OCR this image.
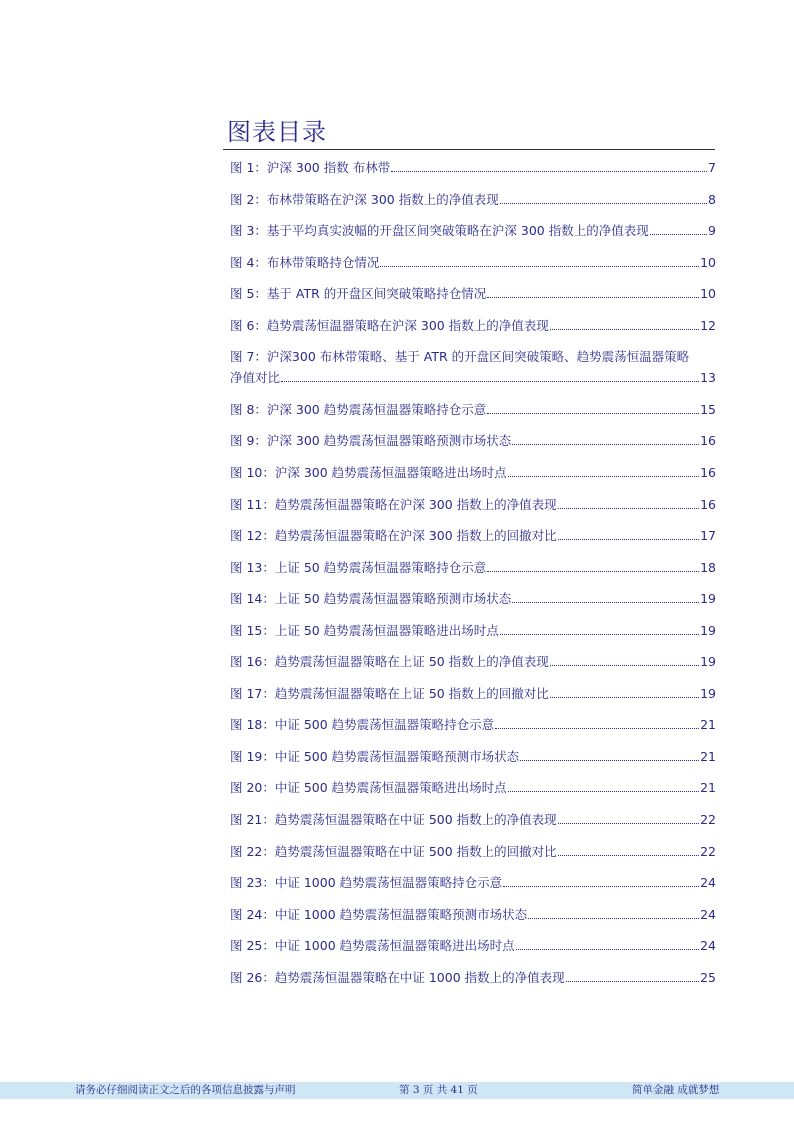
图表目录
图 1：沪深 300 指数 布林带	7
图 2：布林带策略在沪深 300 指数上的净值表现	8
图 3：基于平均真实波幅的开盘区间突破策略在沪深 300 指数上的净值表现	9
图 4：布林带策略持仓情况	10
图 5：基于 ATR 的开盘区间突破策略持仓情况	10
图 6：趋势震荡恒温器策略在沪深 300 指数上的净值表现	12
图 7：沪深300 布林带策略、基于 ATR 的开盘区间突破策略、趋势震荡恒温器策略
净值对比	13
图 8：沪深 300 趋势震荡恒温器策略持仓示意	15
图 9：沪深 300 趋势震荡恒温器策略预测市场状态	16
图 10：沪深 300 趋势震荡恒温器策略进出场时点	16
图 11：趋势震荡恒温器策略在沪深 300 指数上的净值表现	16
图 12：趋势震荡恒温器策略在沪深 300 指数上的回撤对比	17
图 13：上证 50 趋势震荡恒温器策略持仓示意	18
图 14：上证 50 趋势震荡恒温器策略预测市场状态	19
图 15：上证 50 趋势震荡恒温器策略进出场时点	19
图 16：趋势震荡恒温器策略在上证 50 指数上的净值表现	19
图 17：趋势震荡恒温器策略在上证 50 指数上的回撤对比	19
图 18：中证 500 趋势震荡恒温器策略持仓示意	21
图 19：中证 500 趋势震荡恒温器策略预测市场状态	21
图 20：中证 500 趋势震荡恒温器策略进出场时点	21
图 21：趋势震荡恒温器策略在中证 500 指数上的净值表现	22
图 22：趋势震荡恒温器策略在中证 500 指数上的回撤对比	22
图 23：中证 1000 趋势震荡恒温器策略持仓示意	24
图 24：中证 1000 趋势震荡恒温器策略预测市场状态	24
图 25：中证 1000 趋势震荡恒温器策略进出场时点	24
图 26：趋势震荡恒温器策略在中证 1000 指数上的净值表现	25
请务必仔细阅读正文之后的各项信息披露与声明	第 3 页 共 41 页	简单金融 成就梦想
